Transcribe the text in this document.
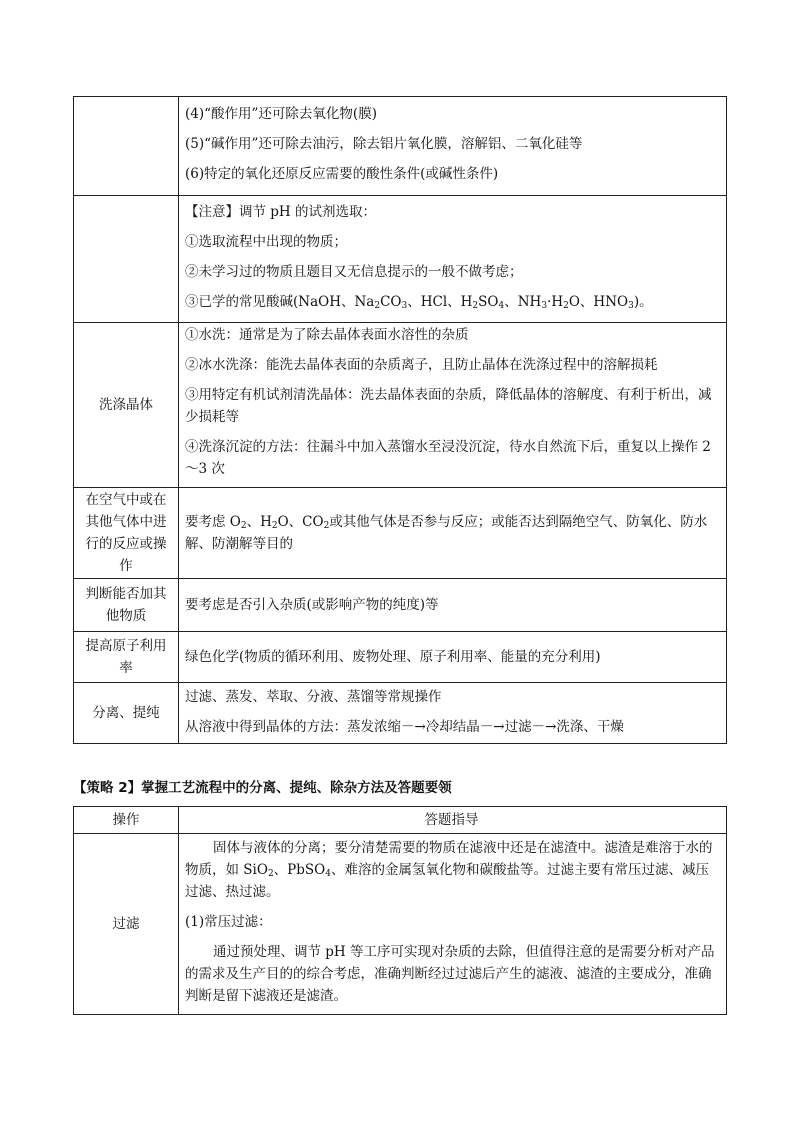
	(4)“酸作用”还可除去氧化物(膜)
(5)“碱作用”还可除去油污，除去铝片氧化膜，溶解铝、二氧化硅等
(6)特定的氧化还原反应需要的酸性条件(或碱性条件)

	【注意】调节 pH 的试剂选取：
①选取流程中出现的物质；
②未学习过的物质且题目又无信息提示的一般不做考虑；
③已学的常见酸碱(NaOH、$Na_2CO_3$、HCl、$H_2SO_4$、$NH_3\cdot H_2O$、$HNO_3$)。

洗涤晶体	①水洗：通常是为了除去晶体表面水溶性的杂质
②冰水洗涤：能洗去晶体表面的杂质离子，且防止晶体在洗涤过程中的溶解损耗
③用特定有机试剂清洗晶体：洗去晶体表面的杂质，降低晶体的溶解度、有利于析出，减少损耗等
④洗涤沉淀的方法：往漏斗中加入蒸馏水至浸没沉淀，待水自然流下后，重复以上操作 2～3 次

在空气中或在其他气体中进行的反应或操作	要考虑 $O_2$、$H_2O$、$CO_2$或其他气体是否参与反应；或能否达到隔绝空气、防氧化、防水解、防潮解等目的
判断能否加其他物质	要考虑是否引入杂质(或影响产物的纯度)等
提高原子利用率	绿色化学(物质的循环利用、废物处理、原子利用率、能量的充分利用)
分离、提纯	过滤、蒸发、萃取、分液、蒸馏等常规操作
从溶液中得到晶体的方法：蒸发浓缩－→冷却结晶－→过滤－→洗涤、干燥
【策略 2】掌握工艺流程中的分离、提纯、除杂方法及答题要领
操作	答题指导
过滤	固体与液体的分离；要分清楚需要的物质在滤液中还是在滤渣中。滤渣是难溶于水的物质，如 SiO$_2$、PbSO$_4$、难溶的金属氢氧化物和碳酸盐等。过滤主要有常压过滤、减压过滤、热过滤。
(1)常压过滤：
通过预处理、调节 pH 等工序可实现对杂质的去除，但值得注意的是需要分析对产品的需求及生产目的的综合考虑，准确判断经过过滤后产生的滤液、滤渣的主要成分，准确判断是留下滤液还是滤渣。
